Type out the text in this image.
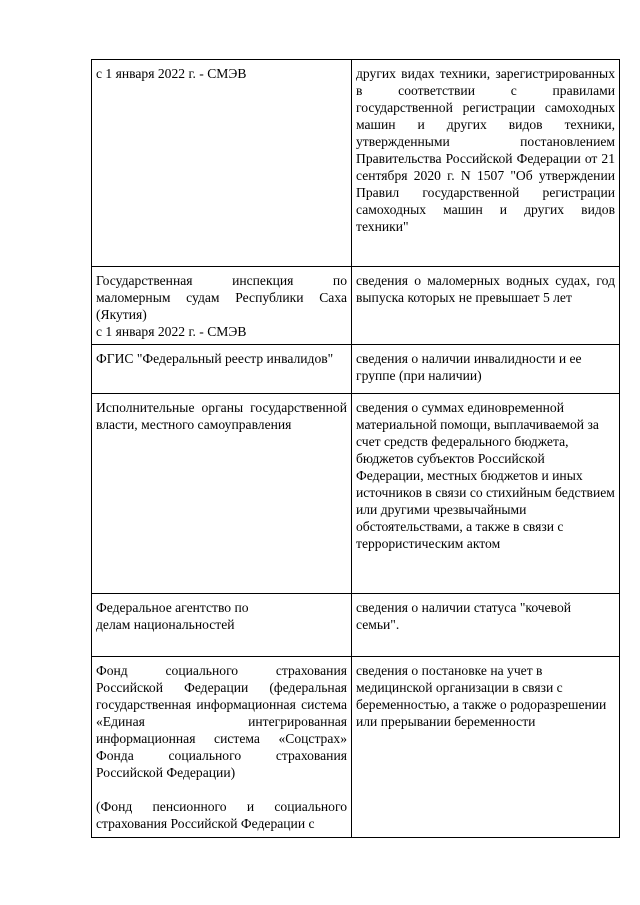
с 1 января 2022 г. - СМЭВ	других видах техники, зарегистрированных в соответствии с правилами государственной регистрации самоходных машин и других видов техники, утвержденными постановлением Правительства Российской Федерации от 21 сентября 2020 г. N 1507 "Об утверждении Правил государственной регистрации самоходных машин и других видов техники"

Государственная инспекция по маломерным судам Республики Саха (Якутия)
с 1 января 2022 г. - СМЭВ	сведения о маломерных водных судах, год выпуска которых не превышает 5 лет
ФГИС "Федеральный реестр инвалидов"	сведения о наличии инвалидности и ее группе (при наличии)
Исполнительные органы государственной власти, местного самоуправления	сведения о суммах единовременной материальной помощи, выплачиваемой за счет средств федерального бюджета, бюджетов субъектов Российской Федерации, местных бюджетов и иных источников в связи со стихийным бедствием или другими чрезвычайными обстоятельствами, а также в связи с террористическим актом

Федеральное агентство по
делам национальностей	сведения о наличии статуса "кочевой семьи".

Фонд социального страхования Российской Федерации (федеральная государственная информационная система «Единая интегрированная информационная система «Соцстрах» Фонда социального страхования Российской Федерации)
(Фонд пенсионного и социального страхования Российской Федерации с	сведения о постановке на учет в медицинской организации в связи с беременностью, а также о родоразрешении или прерывании беременности
